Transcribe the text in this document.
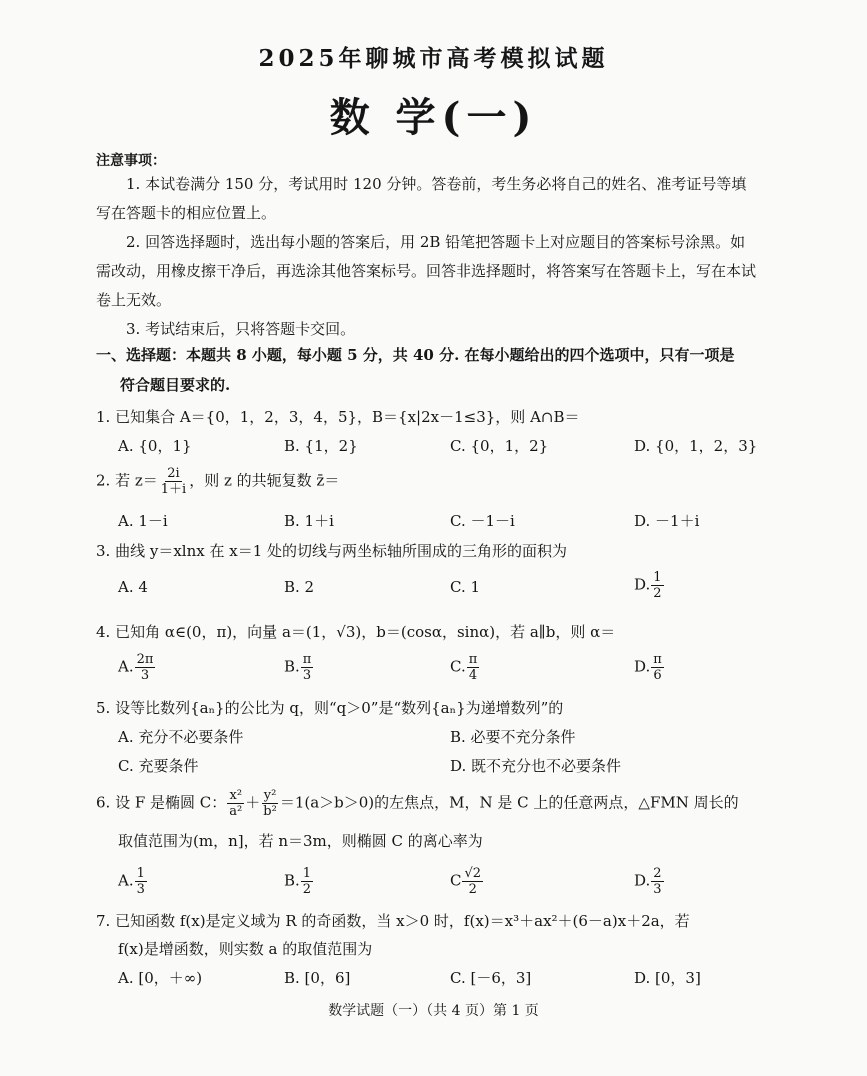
2025年聊城市高考模拟试题
数 学(一)
注意事项：
1. 本试卷满分 150 分，考试用时 120 分钟。答卷前，考生务必将自己的姓名、准考证号等填写在答题卡的相应位置上。
2. 回答选择题时，选出每小题的答案后，用 2B 铅笔把答题卡上对应题目的答案标号涂黑。如需改动，用橡皮擦干净后，再选涂其他答案标号。回答非选择题时，将答案写在答题卡上，写在本试卷上无效。
3. 考试结束后，只将答题卡交回。
一、选择题：本题共 8 小题，每小题 5 分，共 40 分. 在每小题给出的四个选项中，只有一项是
符合题目要求的.
1. 已知集合 A＝{0，1，2，3，4，5}，B＝{x|2x－1≤3}，则 A∩B＝
A. {0，1}	B. {1，2}	C. {0，1，2}	D. {0，1，2，3}
2. 若 $z= \frac{2i}{1+i}$ ，则 z 的共轭复数 z̄＝
A. 1－i	B. 1＋i	C. －1－i	D. －1＋i
3. 曲线 y＝xlnx 在 x＝1 处的切线与两坐标轴所围成的三角形的面积为
A. 4	B. 2	C. 1	D. $\frac{1}{2}$
4. 已知角 α∈(0，π)，向量 a＝(1，√3)，b＝(cosα，sinα)，若 a∥b，则 α＝
A. $\frac{2\pi}{3}$	B. $\frac{\pi}{3}$	C. $\frac{\pi}{4}$	D. $\frac{\pi}{6}$
5. 设等比数列{aₙ}的公比为 q，则“q＞0”是“数列{aₙ}为递增数列”的
A. 充分不必要条件	B. 必要不充分条件
C. 充要条件	D. 既不充分也不必要条件
6. 设 F 是椭圆 C： $\frac{\text{x²}}{\text{a²}} + \frac{\text{y²}}{\text{b²}} =1(a>b>0)$的左焦点，M，N 是 C 上的任意两点，△FMN 周长的
取值范围为(m，n]，若 n＝3m，则椭圆 C 的离心率为
A. $\frac{1}{3}$	B. $\frac{1}{2}$	C $\frac{√2}{2}$	D. $\frac{2}{3}$
7. 已知函数 f(x)是定义域为 R 的奇函数，当 x＞0 时，f(x)＝x³＋ax²＋(6－a)x＋2a，若
f(x)是增函数，则实数 a 的取值范围为
A. [0，＋∞)	B. [0，6]	C. [－6，3]	D. [0，3]
数学试题（一）（共 4 页）第 1 页
